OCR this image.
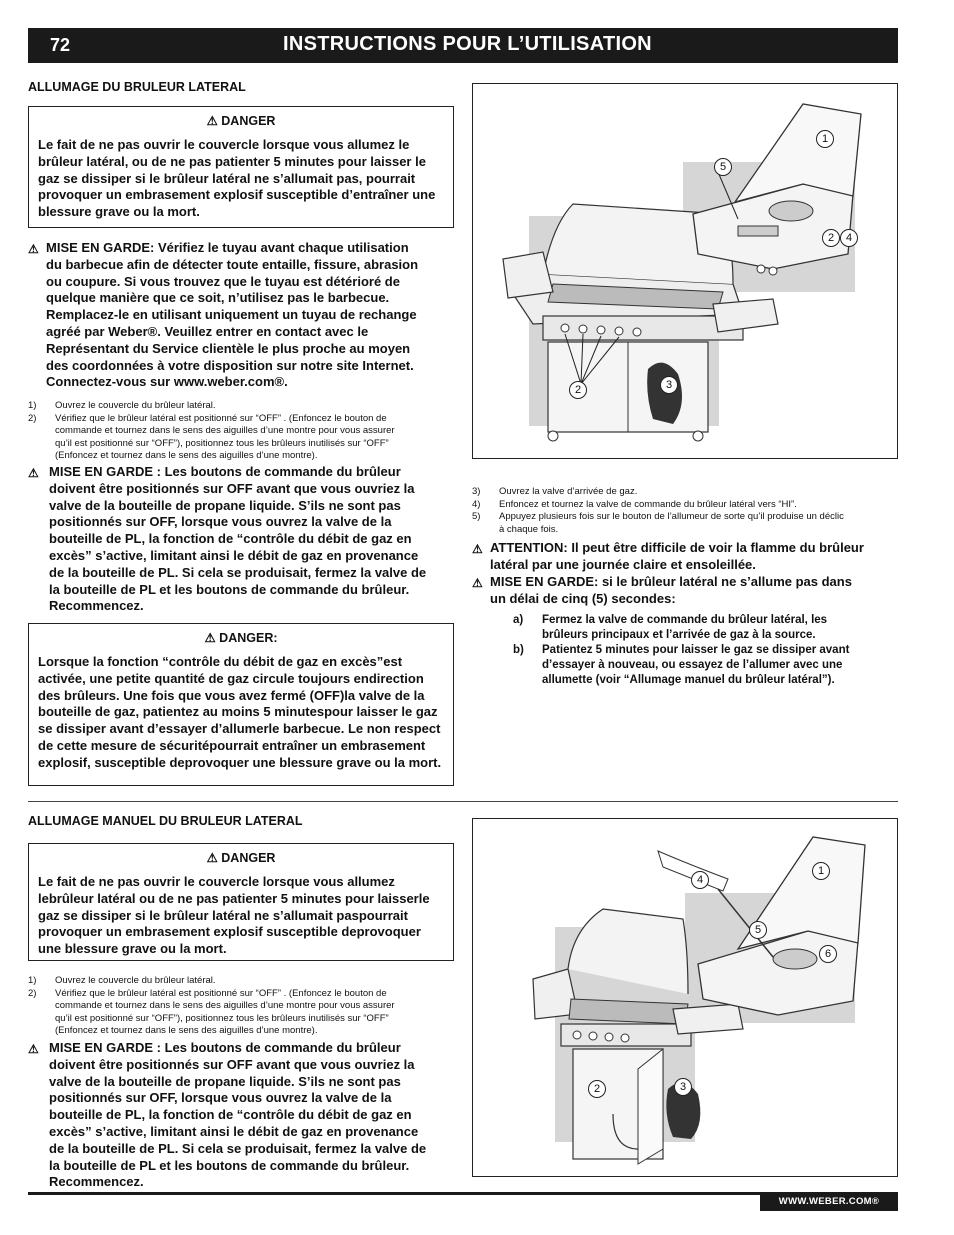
72	INSTRUCTIONS POUR L’UTILISATION
ALLUMAGE DU BRULEUR LATERAL
⚠ DANGER
Le fait de ne pas ouvrir le couvercle lorsque vous allumez le brûleur latéral, ou de ne pas patienter 5 minutes pour laisser le gaz se dissiper si le brûleur latéral ne s’allumait pas, pourrait provoquer un embrasement explosif susceptible d’entraîner une blessure grave ou la mort.
⚠ MISE EN GARDE: Vérifiez le tuyau avant chaque utilisation
du barbecue afin de détecter toute entaille, fissure, abrasion
ou coupure. Si vous trouvez que le tuyau est détérioré de
quelque manière que ce soit, n’utilisez pas le barbecue.
Remplacez-le en utilisant uniquement un tuyau de rechange
agréé par Weber®. Veuillez entrer en contact avec le
Représentant du Service clientèle le plus proche au moyen
des coordonnées à votre disposition sur notre site Internet.
Connectez-vous sur www.weber.com®.
1) Ouvrez le couvercle du brûleur latéral.
2) Vérifiez que le brûleur latéral est positionné sur “OFF” . (Enfoncez le bouton de
commande et tournez dans le sens des aiguilles d’une montre pour vous assurer
qu’il est positionné sur “OFF”), positionnez tous les brûleurs inutilisés sur “OFF”
(Enfoncez et tournez dans le sens des aiguilles d’une montre).
⚠ MISE EN GARDE : Les boutons de commande du brûleur
doivent être positionnés sur OFF avant que vous ouvriez la
valve de la bouteille de propane liquide. S’ils ne sont pas
positionnés sur OFF, lorsque vous ouvrez la valve de la
bouteille de PL, la fonction de “contrôle du débit de gaz en
excès” s’active, limitant ainsi le débit de gaz en provenance
de la bouteille de PL. Si cela se produisait, fermez la valve de
la bouteille de PL et les boutons de commande du brûleur.
Recommencez.
⚠ DANGER:
Lorsque la fonction “contrôle du débit de gaz en excès”est activée, une petite quantité de gaz circule toujours endirection des brûleurs. Une fois que vous avez fermé (OFF)la valve de la bouteille de gaz, patientez au moins 5 minutespour laisser le gaz se dissiper avant d’essayer d’allumerle barbecue. Le non respect de cette mesure de sécuritépourrait entraîner un embrasement explosif, susceptible deprovoquer une blessure grave ou la mort.
1
5
2	4
2	3
3) Ouvrez la valve d’arrivée de gaz.
4) Enfoncez et tournez la valve de commande du brûleur latéral vers “HI”.
5) Appuyez plusieurs fois sur le bouton de l’allumeur de sorte qu’il produise un déclic
à chaque fois.
⚠ ATTENTION: Il peut être difficile de voir la flamme du brûleur
latéral par une journée claire et ensoleillée.
⚠ MISE EN GARDE: si le brûleur latéral ne s’allume pas dans
un délai de cinq (5) secondes:
a) Fermez la valve de commande du brûleur latéral, les
brûleurs principaux et l’arrivée de gaz à la source.
b) Patientez 5 minutes pour laisser le gaz se dissiper avant
d’essayer à nouveau, ou essayez de l’allumer avec une
allumette (voir “Allumage manuel du brûleur latéral”).
ALLUMAGE MANUEL DU BRULEUR LATERAL
⚠ DANGER
Le fait de ne pas ouvrir le couvercle lorsque vous allumez lebrûleur latéral ou de ne pas patienter 5 minutes pour laisserle gaz se dissiper si le brûleur latéral ne s’allumait paspourrait provoquer un embrasement explosif susceptible deprovoquer une blessure grave ou la mort.
1) Ouvrez le couvercle du brûleur latéral.
2) Vérifiez que le brûleur latéral est positionné sur “OFF” . (Enfoncez le bouton de
commande et tournez dans le sens des aiguilles d’une montre pour vous assurer
qu’il est positionné sur “OFF”), positionnez tous les brûleurs inutilisés sur “OFF”
(Enfoncez et tournez dans le sens des aiguilles d’une montre).
⚠ MISE EN GARDE : Les boutons de commande du brûleur
doivent être positionnés sur OFF avant que vous ouvriez la
valve de la bouteille de propane liquide. S’ils ne sont pas
positionnés sur OFF, lorsque vous ouvrez la valve de la
bouteille de PL, la fonction de “contrôle du débit de gaz en
excès” s’active, limitant ainsi le débit de gaz en provenance
de la bouteille de PL. Si cela se produisait, fermez la valve de
la bouteille de PL et les boutons de commande du brûleur.
Recommencez.
1
4
5
6
2	3
WWW.WEBER.COM®
